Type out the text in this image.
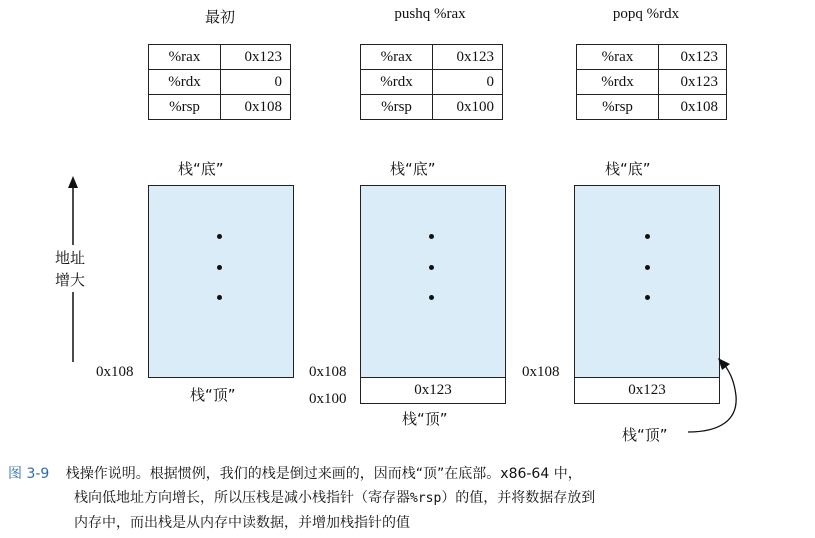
最初	pushq %rax	popq %rdx
%rax	0x123
%rdx	0
%rsp	0x108
%rax	0x123
%rdx	0
%rsp	0x100
%rax	0x123
%rdx	0x123
%rsp	0x108
栈“底”	栈“底”	栈“底”
地址
增大
0x108
栈“顶”	0x123
0x108
0x100
栈“顶”
0x123
0x108
栈“顶”
图 3-9 栈操作说明。根据惯例，我们的栈是倒过来画的，因而栈“顶”在底部。x86-64 中，
栈向低地址方向增长，所以压栈是减小栈指针（寄存器%rsp）的值，并将数据存放到
内存中，而出栈是从内存中读数据，并增加栈指针的值
